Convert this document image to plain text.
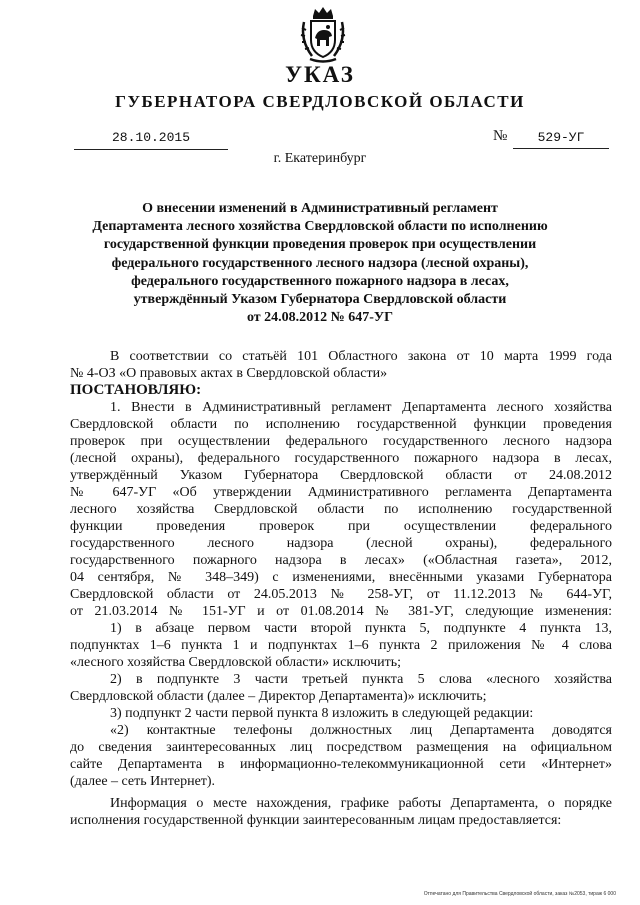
УКАЗ
ГУБЕРНАТОРА СВЕРДЛОВСКОЙ ОБЛАСТИ
28.10.2015	№	529-УГ
г. Екатеринбург
О внесении изменений в Административный регламент
Департамента лесного хозяйства Свердловской области по исполнению
государственной функции проведения проверок при осуществлении
федерального государственного лесного надзора (лесной охраны),
федерального государственного пожарного надзора в лесах,
утверждённый Указом Губернатора Свердловской области
от 24.08.2012 № 647-УГ
В соответствии со статьёй 101 Областного закона от 10 марта 1999 года
№ 4-ОЗ «О правовых актах в Свердловской области»
ПОСТАНОВЛЯЮ:
1. Внести в Административный регламент Департамента лесного хозяйства
Свердловской области по исполнению государственной функции проведения
проверок при осуществлении федерального государственного лесного надзора
(лесной охраны), федерального государственного пожарного надзора в лесах,
утверждённый Указом Губернатора Свердловской области от 24.08.2012
№ 647-УГ «Об утверждении Административного регламента Департамента
лесного хозяйства Свердловской области по исполнению государственной
функции проведения проверок при осуществлении федерального
государственного лесного надзора (лесной охраны), федерального
государственного пожарного надзора в лесах» («Областная газета», 2012,
04 сентября, № 348–349) с изменениями, внесёнными указами Губернатора
Свердловской области от 24.05.2013 № 258-УГ, от 11.12.2013 № 644-УГ,
от 21.03.2014 № 151-УГ и от 01.08.2014 № 381-УГ, следующие изменения:
1) в абзаце первом части второй пункта 5, подпункте 4 пункта 13,
подпунктах 1–6 пункта 1 и подпунктах 1–6 пункта 2 приложения № 4 слова
«лесного хозяйства Свердловской области» исключить;
2) в подпункте 3 части третьей пункта 5 слова «лесного хозяйства
Свердловской области (далее – Директор Департамента)» исключить;
3) подпункт 2 части первой пункта 8 изложить в следующей редакции:
«2) контактные телефоны должностных лиц Департамента доводятся
до сведения заинтересованных лиц посредством размещения на официальном
сайте Департамента в информационно-телекоммуникационной сети «Интернет»
(далее – сеть Интернет).
Информация о месте нахождения, графике работы Департамента, о порядке
исполнения государственной функции заинтересованным лицам предоставляется:
Отпечатано для Правительства Свердловской области, заказ №2053, тираж 6 000
